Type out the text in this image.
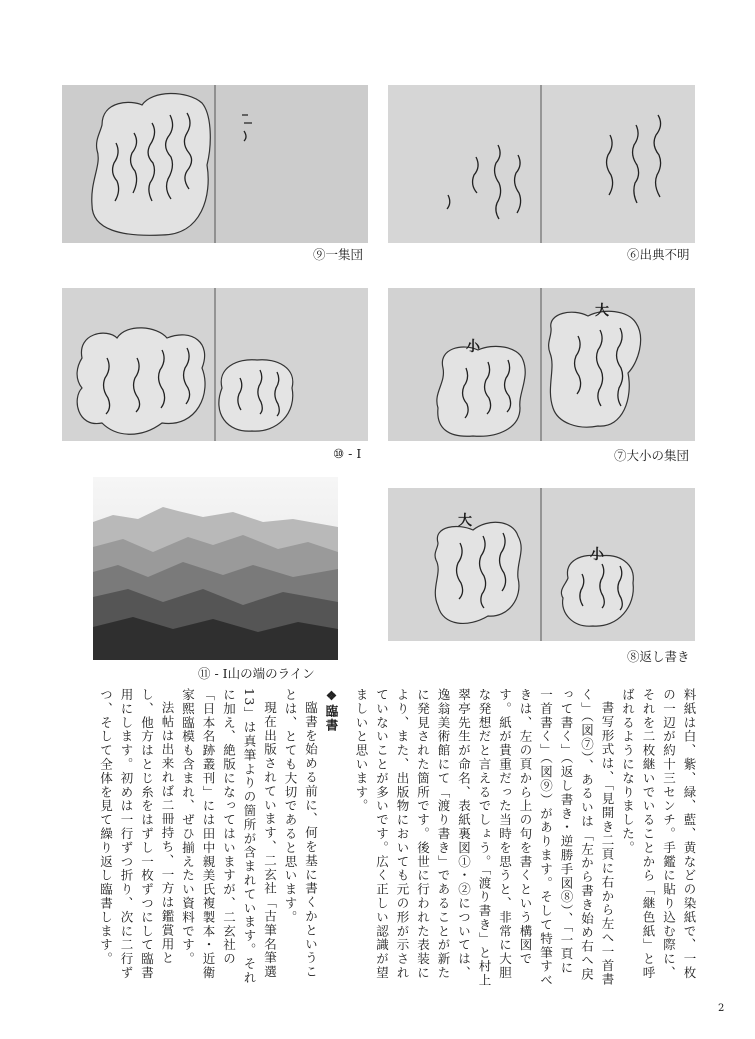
⑨一集団	⑥出典不明
⑩ - Ⅰ
大
小
⑦大小の集団
⑪ - Ⅰ山の端のライン
大
小
⑧返し書き

料紙は白、紫、緑、藍、黄などの染紙で、一枚の一辺が約十三センチ。手鑑に貼り込む際に、それを二枚継いでいることから「継色紙」と呼ばれるようになりました。

書写形式は、「見開き二頁に右から左へ一首書く」（図⑦）、あるいは「左から書き始め右へ戻って書く」（返し書き・逆勝手図⑧）、「一頁に一首書く」（図⑨）があります。そして特筆すべきは、左の頁から上の句を書くという構図です。紙が貴重だった当時を思うと、非常に大胆な発想だと言えるでしょう。「渡り書き」と村上翠亭先生が命名、表紙裏図①・②については、逸翁美術館にて「渡り書き」であることが新たに発見された箇所です。後世に行われた表装により、また、出版物においても元の形が示されていないことが多いです。広く正しい認識が望ましいと思います。

❖臨書

臨書を始める前に、何を基に書くかということは、とても大切であると思います。

現在出版されています、二玄社「古筆名筆選13」は真筆よりの箇所が含まれています。それに加え、絶版になってはいますが、二玄社の「日本名跡叢刊」には田中親美氏複製本・近衛家熙臨模も含まれ、ぜひ揃えたい資料です。

法帖は出来れば二冊持ち、一方は鑑賞用とし、他方はとじ糸をはずし一枚ずつにして臨書用にします。初めは一行ずつ折り、次に二行ずつ、そして全体を見て繰り返し臨書します。

2
